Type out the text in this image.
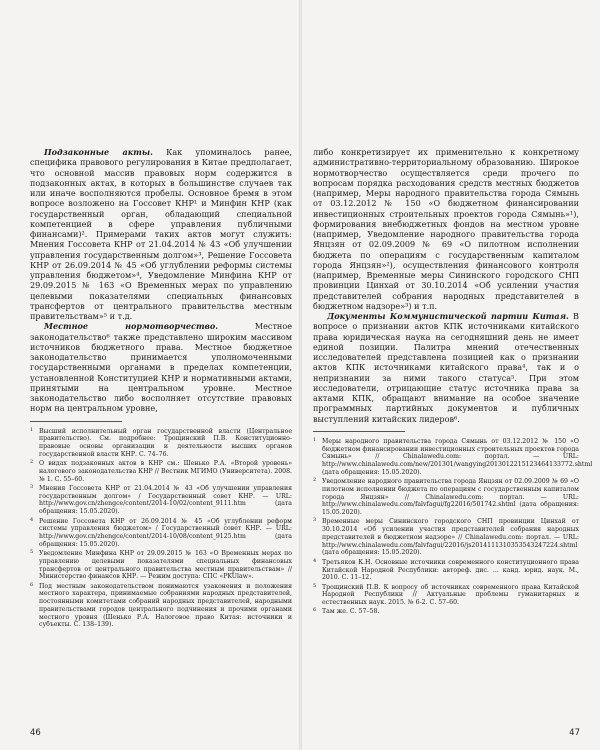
Подзаконные акты. Как упоминалось ранее, специфика правового регулирования в Китае предполагает, что основной массив правовых норм содержится в подзаконных актах, в которых в большинстве случаев так или иначе восполняются пробелы. Основное бремя в этом вопросе возложено на Госсовет КНР¹ и Минфин КНР (как государственный орган, обладающий специальной компетенцией в сфере управления публичными финансами)². Примерами таких актов могут служить: Мнения Госсовета КНР от 21.04.2014 № 43 «Об улучшении управления государственным долгом»³, Решение Госсовета КНР от 26.09.2014 № 45 «Об углублении реформы системы управления бюджетом»⁴, Уведомление Минфина КНР от 29.09.2015 № 163 «О Временных мерах по управлению целевыми показателями специальных финансовых трансфертов от центрального правительства местным правительствам»⁵ и т.д.

Местное нормотворчество. Местное законодательство⁶ также представлено широким массивом источников бюджетного права. Местное бюджетное законодательство принимается уполномоченными государственными органами в пределах компетенции, установленной Конституцией КНР и нормативными актами, принятыми на центральном уровне. Местное законодательство либо восполняет отсутствие правовых норм на центральном уровне,

1 Высший исполнительный орган государственной власти (Центральное правительство). См. подробнее: Трощинский П.В. Конституционно-правовые основы организации и деятельности высших органов государственной власти КНР. С. 74–76.
2 О видах подзаконных актов в КНР см.: Шенько Р.А. «Второй уровень» налогового законодательства КНР // Вестник МГИМО (Университета). 2008. № 1. С. 55–60.
3 Мнения Госсовета КНР от 21.04.2014 № 43 «Об улучшении управления государственным долгом» / Государственный совет КНР. — URL: http://www.gov.cn/zhengce/content/2014-10/02/content_9111.htm (дата обращения: 15.05.2020).
4 Решение Госсовета КНР от 26.09.2014 № 45 «Об углублении реформ системы управления бюджетом» / Государственный совет КНР. — URL: http://www.gov.cn/zhengce/content/2014-10/08/content_9125.htm (дата обращения: 15.05.2020).
5 Уведомление Минфина КНР от 29.09.2015 № 163 «О Временных мерах по управлению целевыми показателями специальных финансовых трансфертов от центрального правительства местным правительствам» // Министерство финансов КНР. — Режим доступа: СПС «PKUlaw».
6 Под местным законодательством понимаются узаконения и положения местного характера, принимаемые собраниями народных представителей, постоянными комитетами собраний народных представителей, народными правительствами городов центрального подчинения и прочими органами местного уровня (Шенько Р.А. Налоговое право Китая: источники и субъекты. С. 138–139).
46

либо конкретизирует их применительно к конкретному административно-территориальному образованию. Широкое нормотворчество осуществляется среди прочего по вопросам порядка расходования средств местных бюджетов (например, Меры народного правительства города Сямынь от 03.12.2012 № 150 «О бюджетном финансировании инвестиционных строительных проектов города Сямынь»¹), формирования внебюджетных фондов на местном уровне (например, Уведомление народного правительства города Янцзян от 02.09.2009 № 69 «О пилотном исполнении бюджета по операциям с государственным капиталом города Янцзян»²), осуществления финансового контроля (например, Временные меры Сининского городского СНП провинции Цинхай от 30.10.2014 «Об усилении участия представителей собрания народных представителей в бюджетном надзоре»³) и т.п.

Документы Коммунистической партии Китая. В вопросе о признании актов КПК источниками китайского права юридическая наука на сегодняшний день не имеет единой позиции. Палитра мнений отечественных исследователей представлена позицией как о признании актов КПК источниками китайского права⁴, так и о непризнании за ними такого статуса⁵. При этом исследователи, отрицающие статус источника права за актами КПК, обращают внимание на особое значение программных партийных документов и публичных выступлений китайских лидеров⁶.

1 Меры народного правительства города Сямынь от 03.12.2012 № 150 «О бюджетном финансировании инвестиционных строительных проектов города Сямынь» // Chinalawedu.com: портал. — URL: http://www.chinalawedu.com/new/201301/wangying2013012215123464133772.shtml (дата обращения: 15.05.2020).
2 Уведомление народного правительства города Янцзян от 02.09.2009 № 69 «О пилотном исполнении бюджета по операциям с государственным капиталом города Янцзян» // Chinalawedu.com: портал. — URL: http://www.chinalawedu.com/falvfagui/fg22016/501742.shtml (дата обращения: 15.05.2020).
3 Временные меры Сининского городского СНП провинции Цинхай от 30.10.2014 «Об усилении участия представителей собрания народных представителей в бюджетном надзоре» // Chinalawedu.com: портал. — URL: http://www.chinalawedu.com/falvfagui/22016/js2014111310353543247224.shtml (дата обращения: 15.05.2020).
4 Третьяков К.Н. Основные источники современного конституционного права Китайской Народной Республики: автореф. дис. ... канд. юрид. наук. М., 2010. С. 11–12.
5 Трощинский П.В. К вопросу об источниках современного права Китайской Народной Республики // Актуальные проблемы гуманитарных и естественных наук. 2015. № 6-2. С. 57–60.
6 Там же. С. 57–58.
47
